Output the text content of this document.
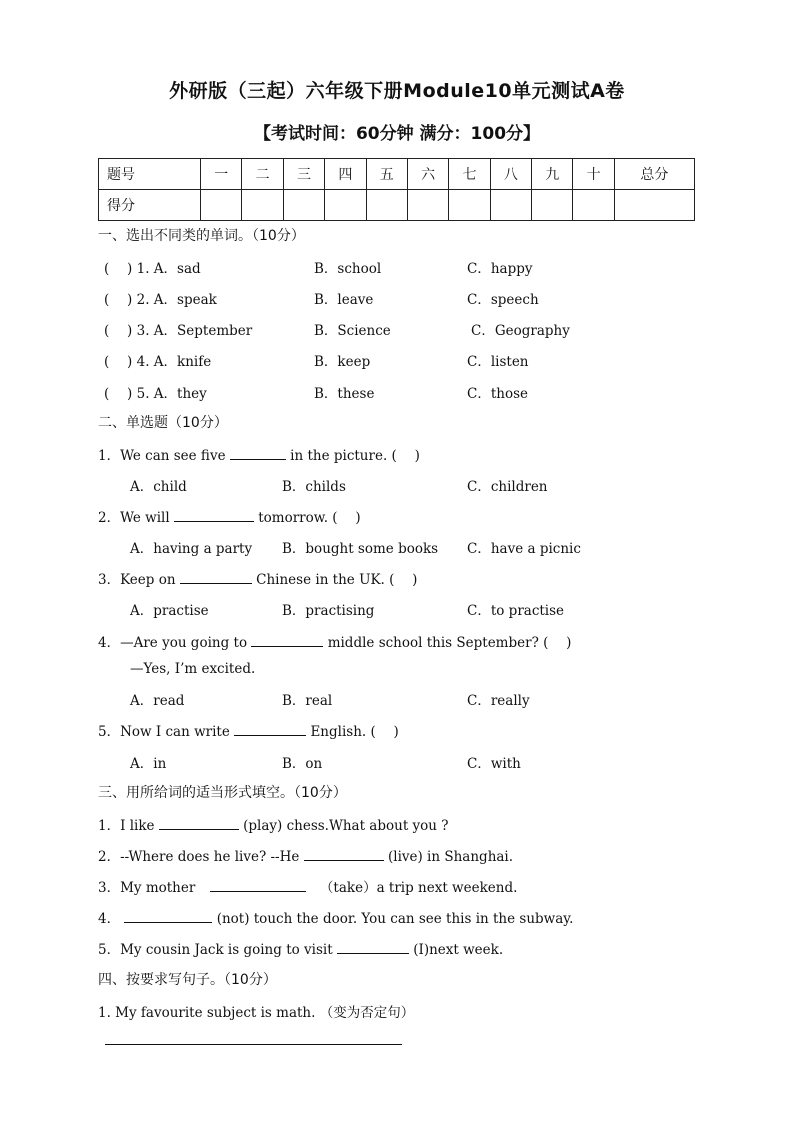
外研版（三起）六年级下册Module10单元测试A卷
【考试时间：60分钟 满分：100分】
题号	一	二	三	四	五	六	七	八	九	十	总分
得分											
一、选出不同类的单词。（10分）
(　 ) 1. A．sad	B．school	C．happy
(　 ) 2. A．speak	B．leave	C．speech
(　 ) 3. A．September	B．Science	C．Geography
(　 ) 4. A．knife	B．keep	C．listen
(　 ) 5. A．they	B．these	C．those
二、单选题（10分）
1．We can see five	in the picture. (　 )
A．child	B．childs	C．children
2．We will	tomorrow. (　 )
A．having a party B．bought some books C．have a picnic
3．Keep on	Chinese in the UK. (　 )
A．practise	B．practising	C．to practise
4．—Are you going to	middle school this September? (　 )
—Yes, I’m excited.
A．read	B．real	C．really
5．Now I can write	English. (　 )
A．in	B．on	C．with
三、用所给词的适当形式填空。（10分）
1．I like	(play) chess.What about you ?
2．--Where does he live? --He	(live) in Shanghai.
3．My mother	（take）a trip next weekend.
4．	(not) touch the door. You can see this in the subway.
5．My cousin Jack is going to visit	(I)next week.
四、按要求写句子。（10分）
1. My favourite subject is math. （变为否定句）
